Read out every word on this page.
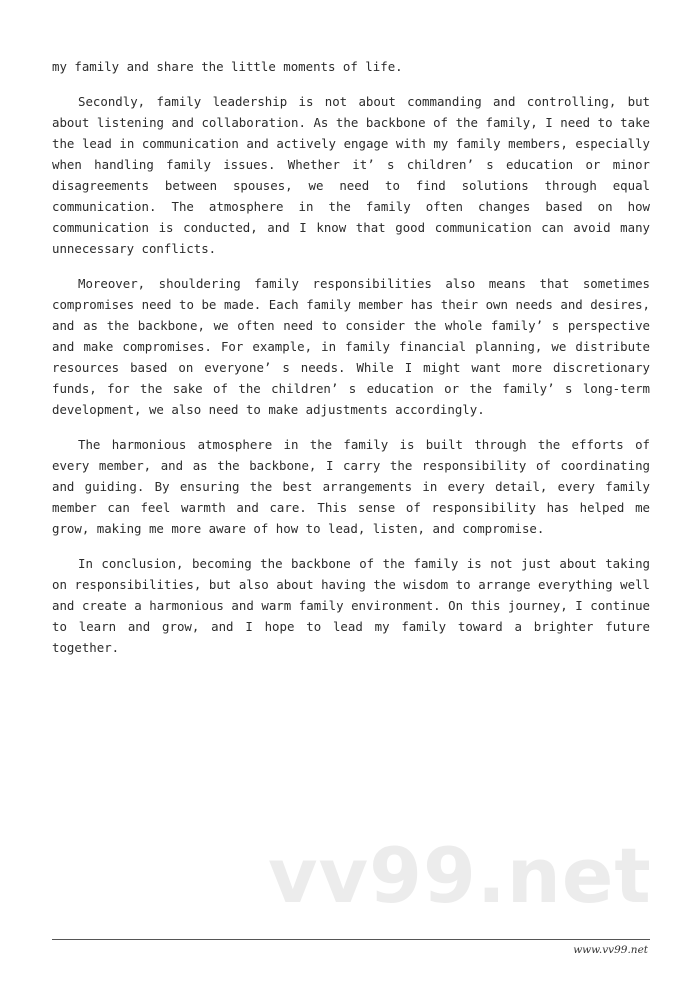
my family and share the little moments of life.

Secondly, family leadership is not about commanding and controlling, but about listening and collaboration. As the backbone of the family, I need to take the lead in communication and actively engage with my family members, especially when handling family issues. Whether it’ s children’ s education or minor disagreements between spouses, we need to find solutions through equal communication. The atmosphere in the family often changes based on how communication is conducted, and I know that good communication can avoid many unnecessary conflicts.

Moreover, shouldering family responsibilities also means that sometimes compromises need to be made. Each family member has their own needs and desires, and as the backbone, we often need to consider the whole family’ s perspective and make compromises. For example, in family financial planning, we distribute resources based on everyone’ s needs. While I might want more discretionary funds, for the sake of the children’ s education or the family’ s long-term development, we also need to make adjustments accordingly.

The harmonious atmosphere in the family is built through the efforts of every member, and as the backbone, I carry the responsibility of coordinating and guiding. By ensuring the best arrangements in every detail, every family member can feel warmth and care. This sense of responsibility has helped me grow, making me more aware of how to lead, listen, and compromise.

In conclusion, becoming the backbone of the family is not just about taking on responsibilities, but also about having the wisdom to arrange everything well and create a harmonious and warm family environment. On this journey, I continue to learn and grow, and I hope to lead my family toward a brighter future together.

vv99.net
www.vv99.net
